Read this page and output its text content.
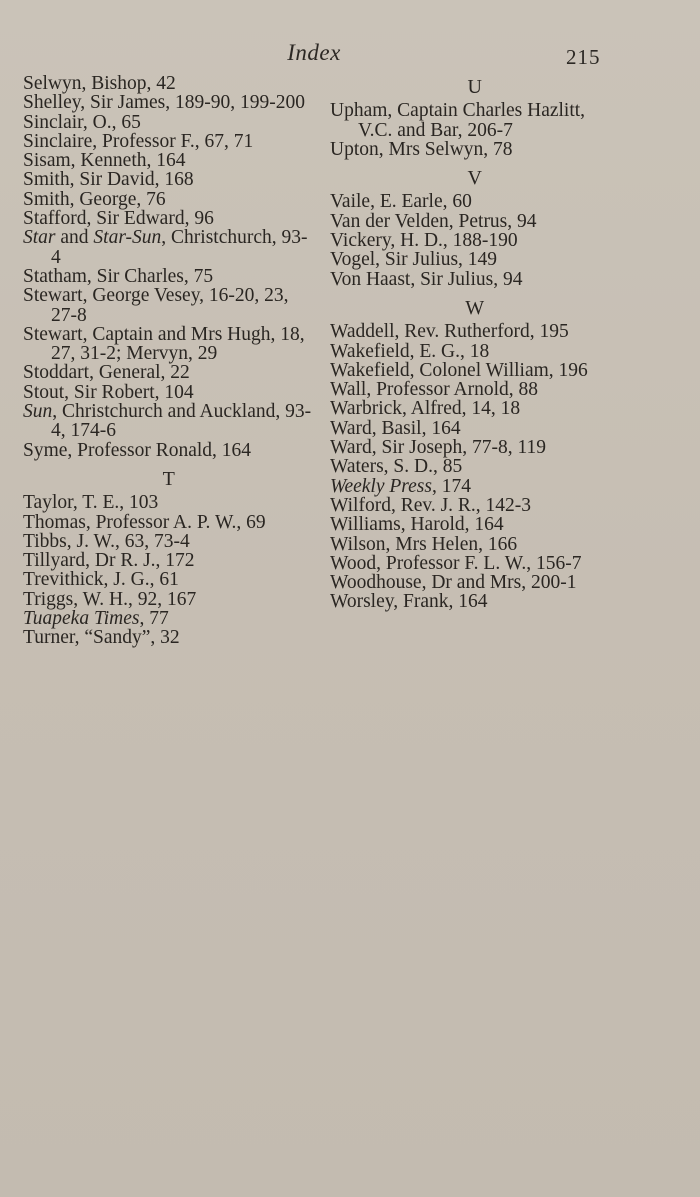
Index	215

Selwyn, Bishop, 42

Shelley, Sir James, 189-90, 199-200

Sinclair, O., 65

Sinclaire, Professor F., 67, 71

Sisam, Kenneth, 164

Smith, Sir David, 168

Smith, George, 76

Stafford, Sir Edward, 96

Star and Star-Sun, Christchurch, 93-4

Statham, Sir Charles, 75

Stewart, George Vesey, 16-20, 23, 27-8

Stewart, Captain and Mrs Hugh, 18, 27, 31-2; Mervyn, 29

Stoddart, General, 22

Stout, Sir Robert, 104

Sun, Christchurch and Auckland, 93-4, 174-6

Syme, Professor Ronald, 164

T

Taylor, T. E., 103

Thomas, Professor A. P. W., 69

Tibbs, J. W., 63, 73-4

Tillyard, Dr R. J., 172

Trevithick, J. G., 61

Triggs, W. H., 92, 167

Tuapeka Times, 77

Turner, “Sandy”, 32

U

Upham, Captain Charles Hazlitt, V.C. and Bar, 206-7

Upton, Mrs Selwyn, 78

V

Vaile, E. Earle, 60

Van der Velden, Petrus, 94

Vickery, H. D., 188-190

Vogel, Sir Julius, 149

Von Haast, Sir Julius, 94

W

Waddell, Rev. Rutherford, 195

Wakefield, E. G., 18

Wakefield, Colonel William, 196

Wall, Professor Arnold, 88

Warbrick, Alfred, 14, 18

Ward, Basil, 164

Ward, Sir Joseph, 77-8, 119

Waters, S. D., 85

Weekly Press, 174

Wilford, Rev. J. R., 142-3

Williams, Harold, 164

Wilson, Mrs Helen, 166

Wood, Professor F. L. W., 156-7

Woodhouse, Dr and Mrs, 200-1

Worsley, Frank, 164
